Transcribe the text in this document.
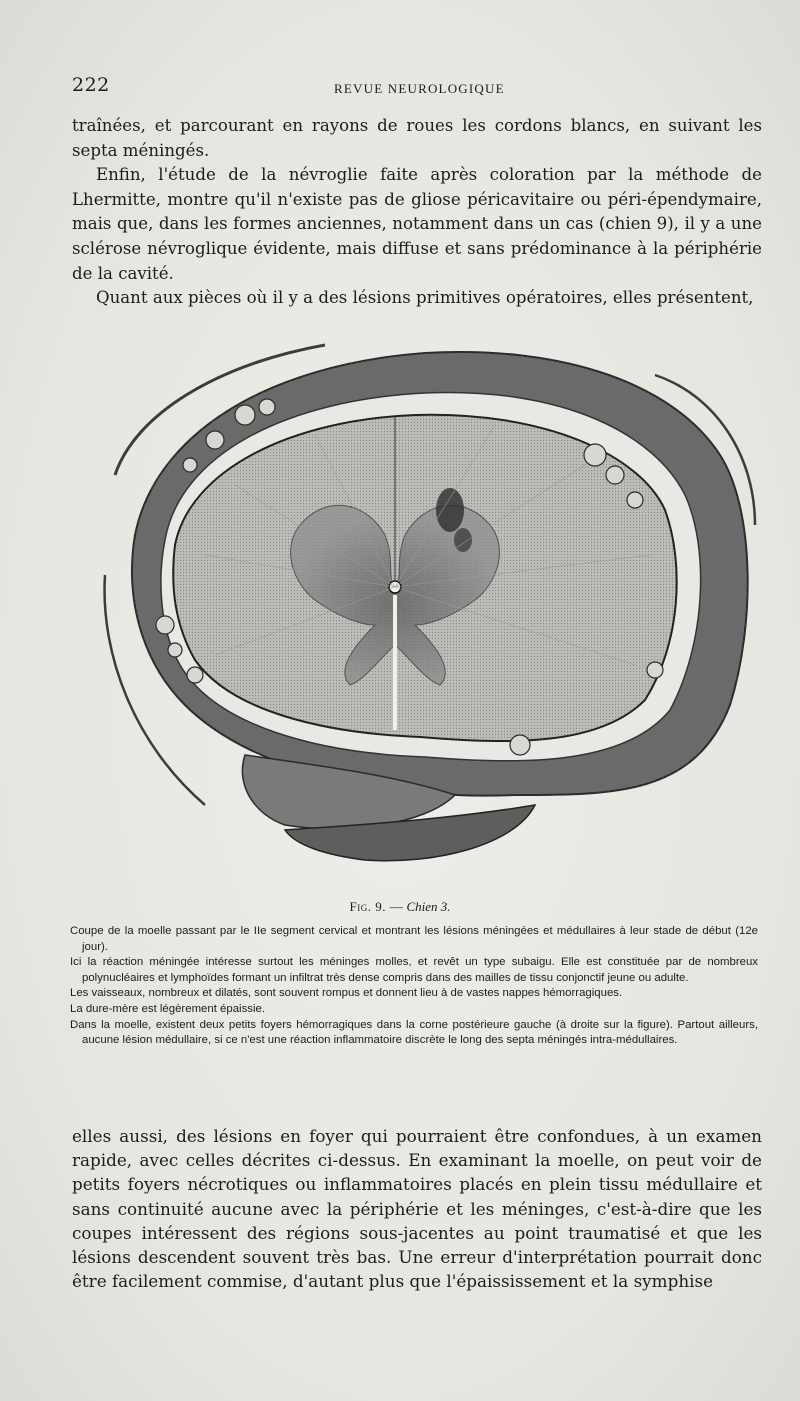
222	REVUE NEUROLOGIQUE

traînées, et parcourant en rayons de roues les cordons blancs, en suivant les septa méningés.

Enfin, l'étude de la névroglie faite après coloration par la méthode de Lhermitte, montre qu'il n'existe pas de gliose péricavitaire ou péri-épendymaire, mais que, dans les formes anciennes, notamment dans un cas (chien 9), il y a une sclérose névroglique évidente, mais diffuse et sans prédominance à la périphérie de la cavité.

Quant aux pièces où il y a des lésions primitives opératoires, elles présentent,

Fig. 9. — Chien 3.

Coupe de la moelle passant par le IIe segment cervical et montrant les lésions méningées et médullaires à leur stade de début (12e jour).

Ici la réaction méningée intéresse surtout les méninges molles, et revêt un type subaigu. Elle est constituée par de nombreux polynucléaires et lymphoïdes formant un infiltrat très dense compris dans des mailles de tissu conjonctif jeune ou adulte.

Les vaisseaux, nombreux et dilatés, sont souvent rompus et donnent lieu à de vastes nappes hémorragiques.

La dure-mère est légèrement épaissie.

Dans la moelle, existent deux petits foyers hémorragiques dans la corne postérieure gauche (à droite sur la figure). Partout ailleurs, aucune lésion médullaire, si ce n'est une réaction inflammatoire discrète le long des septa méningés intra-médullaires.

elles aussi, des lésions en foyer qui pourraient être confondues, à un examen rapide, avec celles décrites ci-dessus. En examinant la moelle, on peut voir de petits foyers nécrotiques ou inflammatoires placés en plein tissu médullaire et sans continuité aucune avec la périphérie et les méninges, c'est-à-dire que les coupes intéressent des régions sous-jacentes au point traumatisé et que les lésions descendent souvent très bas. Une erreur d'interprétation pourrait donc être facilement commise, d'autant plus que l'épaississement et la symphise
